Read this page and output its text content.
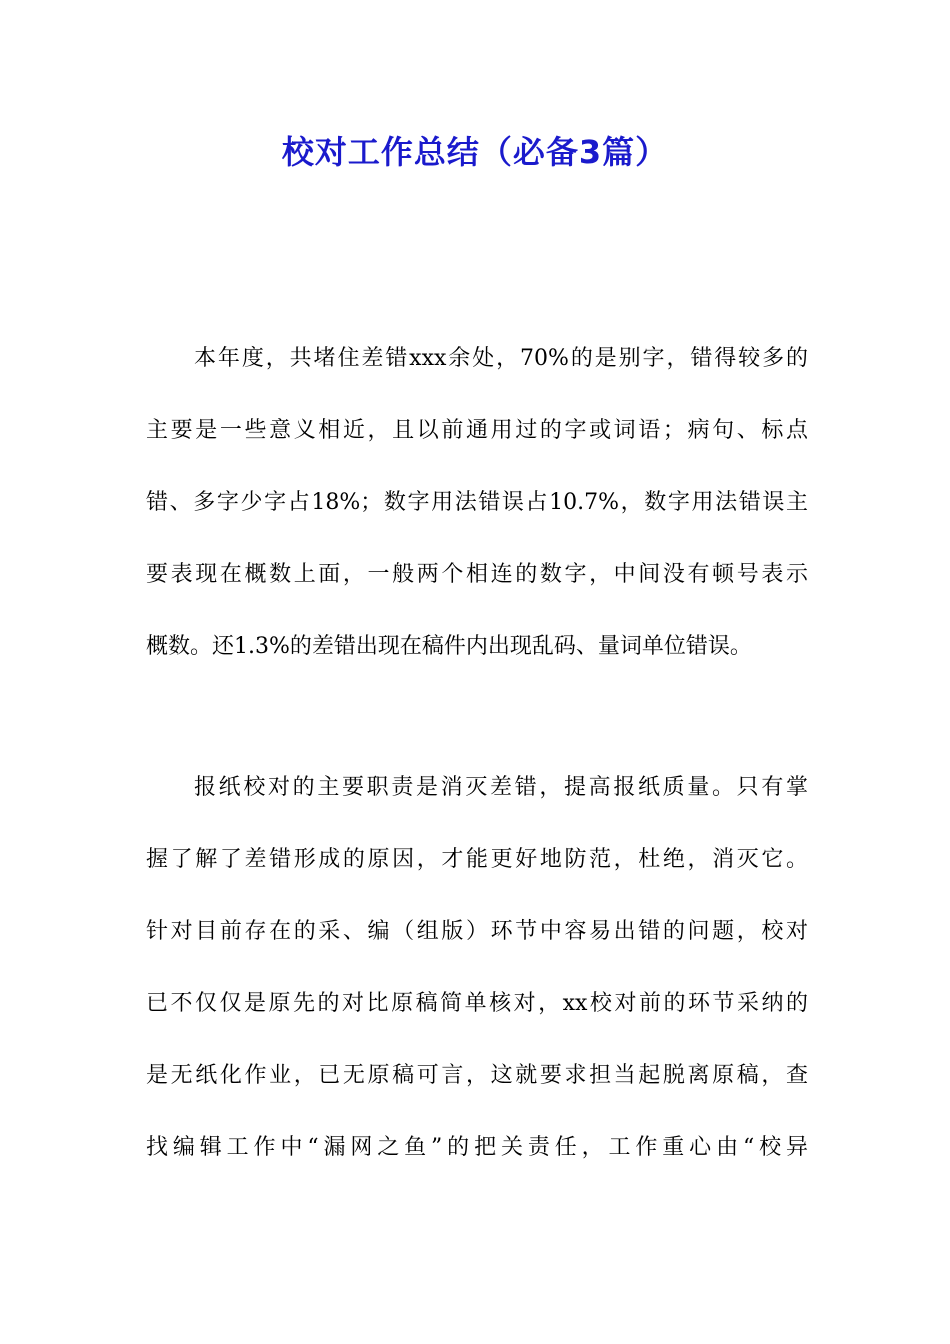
校对工作总结（必备3篇）
本年度，共堵住差错xxx余处，70%的是别字，错得较多的
主要是一些意义相近，且以前通用过的字或词语；病句、标点
错、多字少字占18%；数字用法错误占10.7%，数字用法错误主
要表现在概数上面，一般两个相连的数字，中间没有顿号表示
概数。还1.3%的差错出现在稿件内出现乱码、量词单位错误。
报纸校对的主要职责是消灭差错，提高报纸质量。只有掌
握了解了差错形成的原因，才能更好地防范，杜绝，消灭它。
针对目前存在的采、编（组版）环节中容易出错的问题，校对
已不仅仅是原先的对比原稿简单核对，xx校对前的环节采纳的
是无纸化作业，已无原稿可言，这就要求担当起脱离原稿，查
找编辑工作中“漏网之鱼”的把关责任，工作重心由“校异
